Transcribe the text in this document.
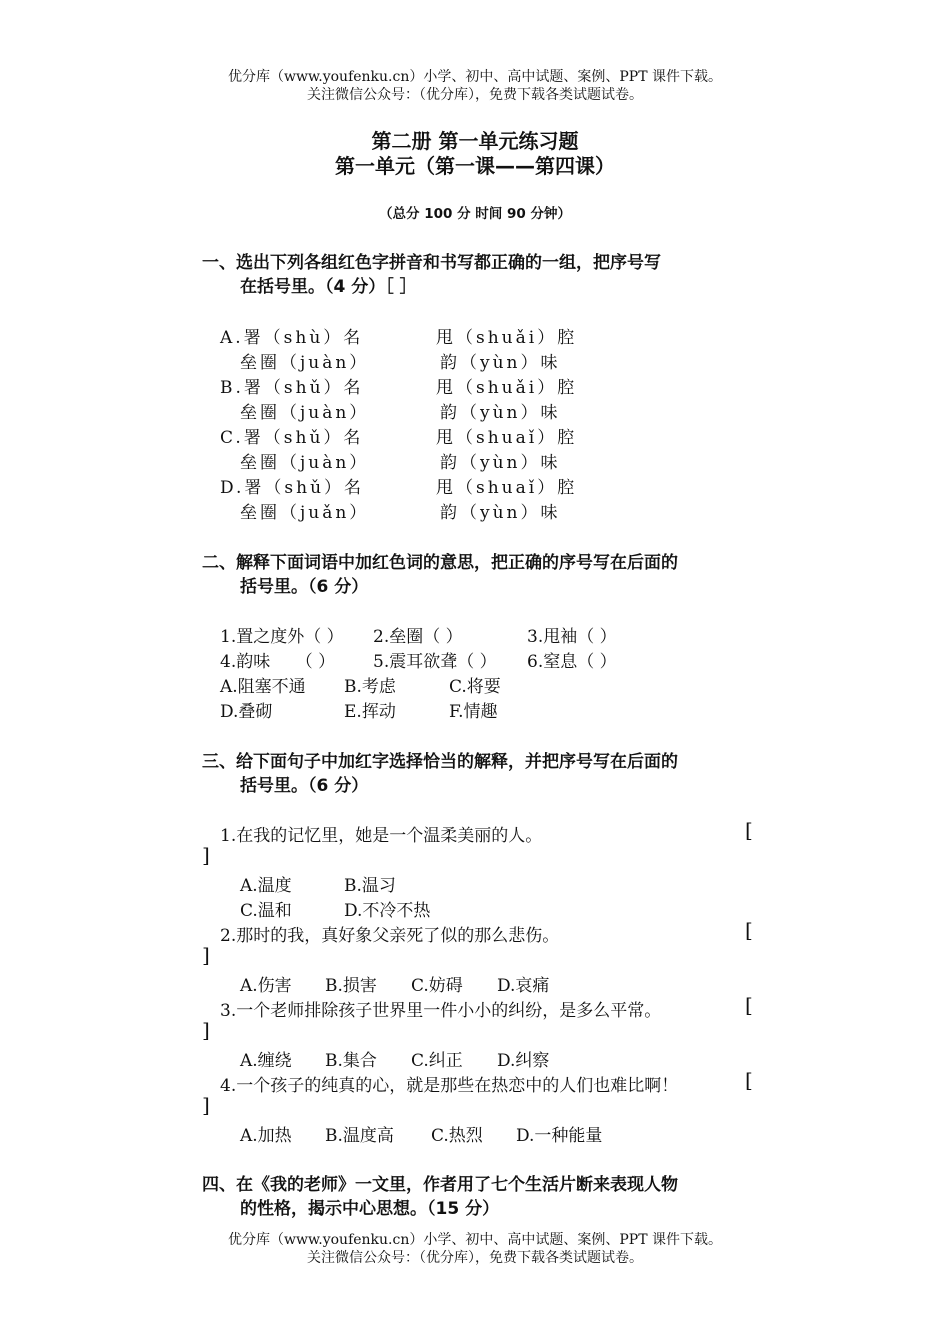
优分库（www.youfenku.cn）小学、初中、高中试题、案例、PPT 课件下载。
关注微信公众号：（优分库），免费下载各类试题试卷。
第二册 第一单元练习题
第一单元（第一课——第四课）
（总分 100 分 时间 90 分钟）
一、选出下列各组红色字拼音和书写都正确的一组，把序号写
在括号里。（4 分）［ ］
A.署（shù）名	甩（shuǎi）腔
垒圈（juàn）	韵（yùn）味
B.署（shǔ）名	甩（shuǎi）腔
垒圈（juàn）	韵（yùn）味
C.署（shǔ）名	甩（shuaǐ）腔
垒圈（juàn）	韵（yùn）味
D.署（shǔ）名	甩（shuaǐ）腔
垒圈（juǎn）	韵（yùn）味
二、解释下面词语中加红色词的意思，把正确的序号写在后面的
括号里。（6 分）
1.置之度外（ ） 2.垒圈（ ）	3.甩袖（ ）
4.韵味　　（ ） 5.震耳欲聋（ ） 6.窒息（ ）
A.阻塞不通 B.考虑	C.将要
D.叠砌	E.挥动	F.情趣
三、给下面句子中加红字选择恰当的解释，并把序号写在后面的
括号里。（6 分）
1.在我的记忆里，她是一个温柔美丽的人。	[
]
A.温度	B.温习
C.温和	D.不冷不热
2.那时的我，真好象父亲死了似的那么悲伤。	[
]
A.伤害 B.损害 C.妨碍 D.哀痛
3.一个老师排除孩子世界里一件小小的纠纷，是多么平常。	[
]
A.缠绕 B.集合 C.纠正 D.纠察
4.一个孩子的纯真的心，就是那些在热恋中的人们也难比啊！	[
]
A.加热 B.温度高 C.热烈 D.一种能量
四、在《我的老师》一文里，作者用了七个生活片断来表现人物
的性格，揭示中心思想。（15 分）
优分库（www.youfenku.cn）小学、初中、高中试题、案例、PPT 课件下载。
关注微信公众号：（优分库），免费下载各类试题试卷。
